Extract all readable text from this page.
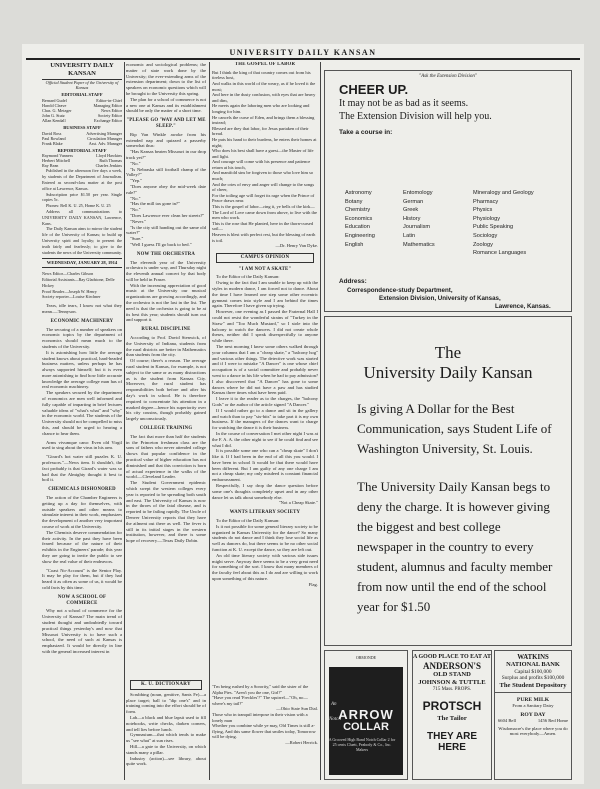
UNIVERSITY DAILY KANSAN
UNIVERSITY DAILY KANSAN
Official Student Paper of the University of Kansas
EDITORIAL STAFF
Bernard Gudel	Editor-in-Chief
Harold Cleave	Managing Editor
Chas. G. Metzger	News Editor
John G. Stutz	Society Editor
Allan Kendall	Exchange Editor
BUSINESS STAFF
David Ross	Advertising Manager
Paul Rowland	Circulation Manager
Frank Blake	Asst. Adv. Manager
REPORTORIAL STAFF
Raymond Vanness	Lloyd Hawkins
Herbert Mitchell	Ruth Thomas
Ray Bean	Charles Jenkins

Published in the afternoon five days a week, by students of the Department of Journalism. Entered as second-class matter at the post office at Lawrence, Kansas.

Subscription price $1.50 per year. Single copies 5c.

Phones: Bell K. U. 25, Home K. U. 25

Address all communications to UNIVERSITY DAILY KANSAN, Lawrence, Kans.

The Daily Kansan aims to mirror the student life of the University of Kansas; to build up University spirit and loyalty; to present the truth fairly and fearlessly; to give to the students the news of the University community.

WEDNESDAY, JANUARY 28, 1914
News Editor—Charles Gibson
Editorial Assistants—Ray Gladstone, Delle Hickey
Proof Reader—Joseph W. Henry
Society reporter—Louise Kirchner

Tears, idle tears, I know not what they mean.—Tennyson.

ECONOMIC MACHINERY

The securing of a number of speakers on economic topics by the department of economics should mean much to the students of the University.

It is astonishing how little the average student knows about practical, hard-headed business matters, unless perhaps he has always supported himself; but it is even more astonishing to find how little accurate knowledge the average college man has of real economic machinery.

The speakers secured by the department of economics are men well informed and fully capable of imparting in brief lectures valuable ideas of "what's what" and "why" in the economic world. The students of the University should not be compelled to miss this, and should be urged to hearing a chance to hear them.

Arms vivumque cano: Even old Virgil used to sing about the virus in his arm.

"Girard's hot water still puzzles K. U. professors."—News item. It shouldn't, the fact probably is that Girard's water was so bad that the Almighty thought it best to boil it.

CHEMICALS DISHONORED

The action of the Chamber Engineers is getting up a day for themselves, with outside speakers and other means to stimulate interest in their work, emphasizes the development of another very important course of work at the University.

The Chemists deserve commendation for their activity. In the past they have been feared because of the nature of their exhibits in the Engineers' parade; this year they are going to invite the public to see show the real value of their endeavors.

"Coast No-Account" is the Senior Play. It may be play for them, but if they had heard it as often as some of us, it would be cold facts by this time.

NOW A SCHOOL OF COMMERCE

Why not a school of commerce for the University of Kansas? The main trend of student thought and undoubtedly toward practical things yesterday's and now that Missouri University is to have such a school, the need of such at Kansas is emphasized. It would be directly in line with the general increased interest in

economic and sociological problems; the matter of state work done by the University; the ever-extending arms of the extension department; down to the list of speakers on economic questions which will be brought to the University this spring.

The plan for a school of commerce is not a new one at Kansas and its establishment should be only the matter of a short time.

"PLEASE GO 'WAY AND LET ME SLEEP."

Rip Van Winkle awoke from his extended nap and quizzed a passerby somewhat thus:

"Has Kansas beaten Missouri in our drop track yet?"

"No."

"Is Nebraska still football champ of the Valley?"

"Yep."

"Does anyone obey the mid-week date rule?"

"No."

"Has the mill tax gone in?"

"No."

"Does Lawrence ever clean her streets?"

"Never."

"Is the city still handing out the same old water?"

"Sure."

"Well I guess I'll go back to bed."

NOW THE ORCHESTRA

The eleventh year of the University orchestra is under way, and Thursday night the eleventh annual concert by that body will be held in Fraser.

With the increasing appreciation of good music at the University our musical organizations are growing accordingly, and the orchestra is not the last in the list. The need is that the orchestra is going to be at its best this year; students should turn out and support it.

RURAL DISCIPLINE

According to Prof. David Stenwick, of the University of Indiana, students from the rural districts are better in Mathematics than students from the city.

Of course; there's a reason. The average rural student in Kansas, for example, is not subject to the same or as many distractions as is the student from Kansas City. Moreover, the rural student has responsibilities both before and after his day's work in school. He is therefore required to concentrate his attention in a marked degree—hence his superiority over his city cousins, though probably gained largely unconsciously.

COLLEGE TRAINING

The fact that more than half the students in the Princeton freshman class are the sons of fathers who never attended college shows that popular confidence in the practical value of higher education has not diminished and that this conviction is born of actual experience in the walks of the world.—Cleveland Leader.

The Student Government epidemic which swept the western colleges every year is reported to be spreading both south and east. The University of Kansas is now in the throes of the fatal disease, and is reported to be failing rapidly. The Uncle of Denver University reports that they have the ailment out there as well. The fever is still in its initial stages in the western institution, however, and there is some hope of recovery.—Texas Daily Dobin.

THE GOSPEL OF LABOR

But I think the king of that country comes out from his tireless host,

And walks in this world of the weary, as if he loved it the most;

And here in the dusty confusion, with eyes that are heavy and dim,

He meets again the laboring men who are looking and longing for him.

He cancels the curse of Eden, and brings them a blessing instead;

Blessed are they that labor, for Jesus partaken of their bread.

He puts his hand to their burdens, he enters their homes at night;

Who does his best shall have a guest—the Master of life and light.

And courage will come with his presence and patience return at his touch,

And manifold sins be forgiven to those who love him so much;

And the cries of envy and anger will change to the songs of cheer,

For the toiling age will forget its rage when the Prince of Peace draws near.

This is the gospel of labor—ring it, ye bells of the kirk—

The Lord of Love came down from above, to live with the men who work.

This is the rose that He planted, here in the thorn-cursed soil—

Heaven is blest with perfect rest, but the blessing of earth is toil.

—Dr. Henry Van Dyke.

CAMPUS OPINION
"I AM NOT A SKATE"

To the Editor of the Daily Kansan:

Owing to the fact that I am unable to keep up with the styles in modern dance, I am forced not to dance. About the time I have learned one step some other eccentric gymnast comes into style and I am behind the times again. Therefore I have given up trying.

However, one evening as I passed the Fraternal Hall I could not resist the wonderful strains of "Turkey in the Straw" and "Too Much Mustard," so I stole into the balcony to watch the dancers. I did not create whole theses, neither did I speak disrespectfully to anyone while there.

The next morning I knew some others walked through your columns that I am a "cheap skate," a "balcony hog" and various other things. The detective work was started and if I were to mistake "A Dancer" is one whose chief occupation is of a social committee and probably never went to a dance in his life when he had to pay admission? I also discovered that "A Dancer" has gone to some dances where he did not have a paw and has studied Kansas three times what have been paid.

I leave it to the reader as to the charges, the "balcony Gods" or the author of the article signed "A Dancer."

If I would rather go to a dance and sit in the gallery and watch than to pay "six-bits" to take part it is my own business. If the managers of the dances want to charge for watching the dance it is their business.

In the course of conversation I met other night I was at the F. A. A. the other night to see if he could find and see what I did.

It is possible some one who can a "cheap skate" I don't like it. If I had been in the end of all this you would. I have been in school It would be that there would have been different. But I am guilty of any one charge I am not a cheap skate; my only misdeed is constant financial embarrassment.

Respectfully, I say drop the dance question before some one's thoughts completely upset and in any other dance let us talk about somebody else.

"Not a Cheap Skate."

WANTS LITERARY SOCIETY

To the Editor of the Daily Kansan:

Is it not possible for some general literary society to be organized in Kansas University for the dance? So many students do not dance and I think they lose social life as well as dancers do, but there seems to be no other social function at K. U. except the dance, so they are left out.

An old time literary society with various side issues might serve. Anyway there seems to be a very great need for something of the sort. I know that many members of the faculty feel about this as I do and are willing to work upon something of this nature.

Flag.

K. U. DICTIONARY

Scrubbing (noun, genitive, Sants Fe)—a place target; ball to "dip one's" and in training coming into the effort should be of form.

Lab—a black and blue lapsit used to fill notebooks, write checks, darken corners, and tell lies before lunch.

Gymnasium—that which tends to make us "see what" at sun rises.

Hill—a gate to the University, on which stands many a pillar.

Industry (action)—see library, about quite work.

"I'm being rushed by a Sorority," said the sister of the Alpha Ptes. "Aren't you the one, Girl?"

"Have you read 'Freckles'?" The squirrel—"Oh, no—where's my tail?"

—Ohio State Sun Dial.

Those who in tranquil interpose in their vision with a lonely man

Whether you combine while ye may, Old Times is still a-flying, And this same flower that smiles today, Tomorrow will be dying.

—Robert Herrick.

"Ask the Extension Division"
CHEER UP.
It may not be as bad as it seems.
The Extension Division will help you.
Take a course in:
Astronomy
Botany
Chemistry
Economics
Education
Engineering
English
Entomology
German
Greek
History
Journalism
Latin
Mathematics
Mineralogy and Geology
Pharmacy
Physics
Physiology
Public Speaking
Sociology
Zoology
Romance Languages
Address:
Correspondence-study Department,
Extension Division, University of Kansas,
Lawrence, Kansas.
The
University Daily Kansan
Is giving A Dollar for the Best Communication, says Student Life of Washington University, St. Louis.
The University Daily Kansan begs to deny the charge. It is however giving the biggest and best college newspaper in the country to every student, alumnus and faculty member from now until the end of the school year for $1.50
ORMONDE
An
ARROW
Notch
COLLAR
A Grooved High Band Notch Collar 2 for 25 cents Cluett, Peabody & Co., Inc. Makers
A GOOD PLACE TO EAT AT
ANDERSON'S
OLD STAND
JOHNSON & TUTTLE
715 Mass. PROPS.
PROTSCH
The Tailor
THEY ARE HERE
WATKINS
NATIONAL BANK
Capital $100,000
Surplus and profits $100,000
The Student Depository
PURE MILK
From a Sanitary Dairy
ROY DAY
6604 Bell	1456 Red Home
Wisdomacre's the place where you do most everybody—Amen.
